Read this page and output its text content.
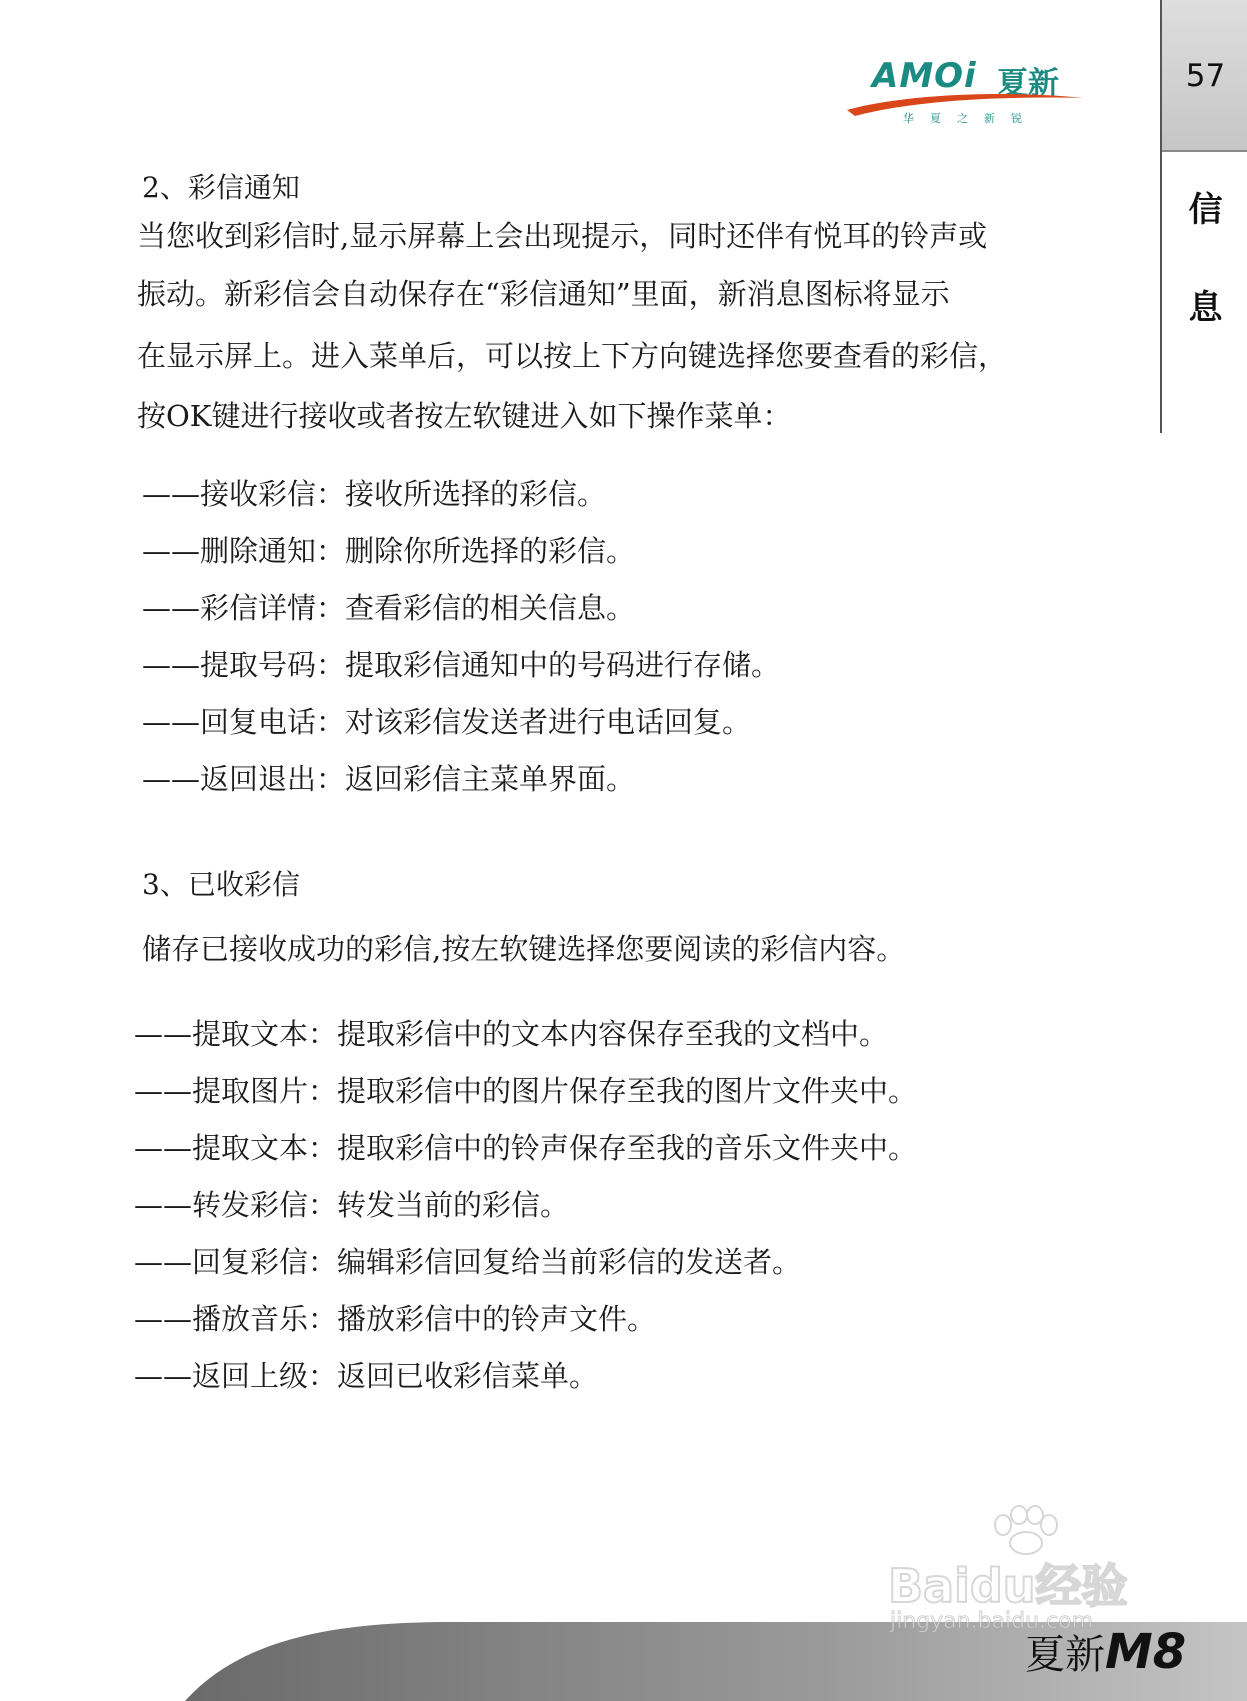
57
信
息
AMOi 夏新
华夏之新锐
2、彩信通知
当您收到彩信时,显示屏幕上会出现提示，同时还伴有悦耳的铃声或
振动。新彩信会自动保存在“彩信通知”里面，新消息图标将显示
在显示屏上。进入菜单后，可以按上下方向键选择您要查看的彩信，
按OK键进行接收或者按左软键进入如下操作菜单：
——接收彩信：接收所选择的彩信。
——删除通知：删除你所选择的彩信。
——彩信详情：查看彩信的相关信息。
——提取号码：提取彩信通知中的号码进行存储。
——回复电话：对该彩信发送者进行电话回复。
——返回退出：返回彩信主菜单界面。
3、已收彩信
储存已接收成功的彩信,按左软键选择您要阅读的彩信内容。
——提取文本：提取彩信中的文本内容保存至我的文档中。
——提取图片：提取彩信中的图片保存至我的图片文件夹中。
——提取文本：提取彩信中的铃声保存至我的音乐文件夹中。
——转发彩信：转发当前的彩信。
——回复彩信：编辑彩信回复给当前彩信的发送者。
——播放音乐：播放彩信中的铃声文件。
——返回上级：返回已收彩信菜单。
Baidu经验
jingyan.baidu.com
夏新M8
